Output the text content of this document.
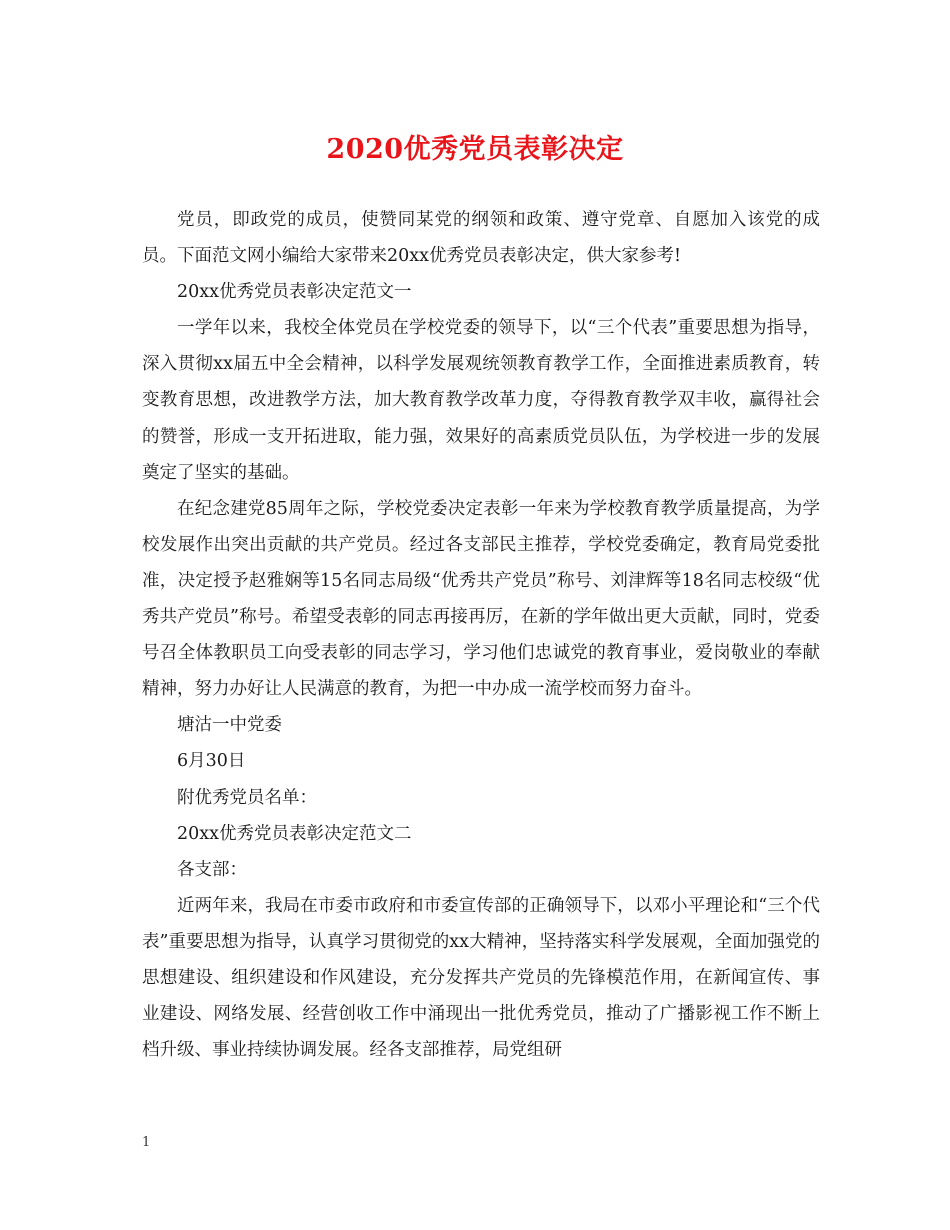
2020优秀党员表彰决定

党员，即政党的成员，使赞同某党的纲领和政策、遵守党章、自愿加入该党的成员。下面范文网小编给大家带来20xx优秀党员表彰决定，供大家参考!

20xx优秀党员表彰决定范文一

一学年以来，我校全体党员在学校党委的领导下，以“三个代表”重要思想为指导，深入贯彻xx届五中全会精神，以科学发展观统领教育教学工作，全面推进素质教育，转变教育思想，改进教学方法，加大教育教学改革力度，夺得教育教学双丰收，赢得社会的赞誉，形成一支开拓进取，能力强，效果好的高素质党员队伍，为学校进一步的发展奠定了坚实的基础。

在纪念建党85周年之际，学校党委决定表彰一年来为学校教育教学质量提高，为学校发展作出突出贡献的共产党员。经过各支部民主推荐，学校党委确定，教育局党委批准，决定授予赵雅娴等15名同志局级“优秀共产党员”称号、刘津辉等18名同志校级“优秀共产党员”称号。希望受表彰的同志再接再厉，在新的学年做出更大贡献，同时，党委号召全体教职员工向受表彰的同志学习，学习他们忠诚党的教育事业，爱岗敬业的奉献精神，努力办好让人民满意的教育，为把一中办成一流学校而努力奋斗。

塘沽一中党委

6月30日

附优秀党员名单：

20xx优秀党员表彰决定范文二

各支部：

近两年来，我局在市委市政府和市委宣传部的正确领导下，以邓小平理论和“三个代表”重要思想为指导，认真学习贯彻党的xx大精神，坚持落实科学发展观，全面加强党的思想建设、组织建设和作风建设，充分发挥共产党员的先锋模范作用，在新闻宣传、事业建设、网络发展、经营创收工作中涌现出一批优秀党员，推动了广播影视工作不断上档升级、事业持续协调发展。经各支部推荐，局党组研

1
